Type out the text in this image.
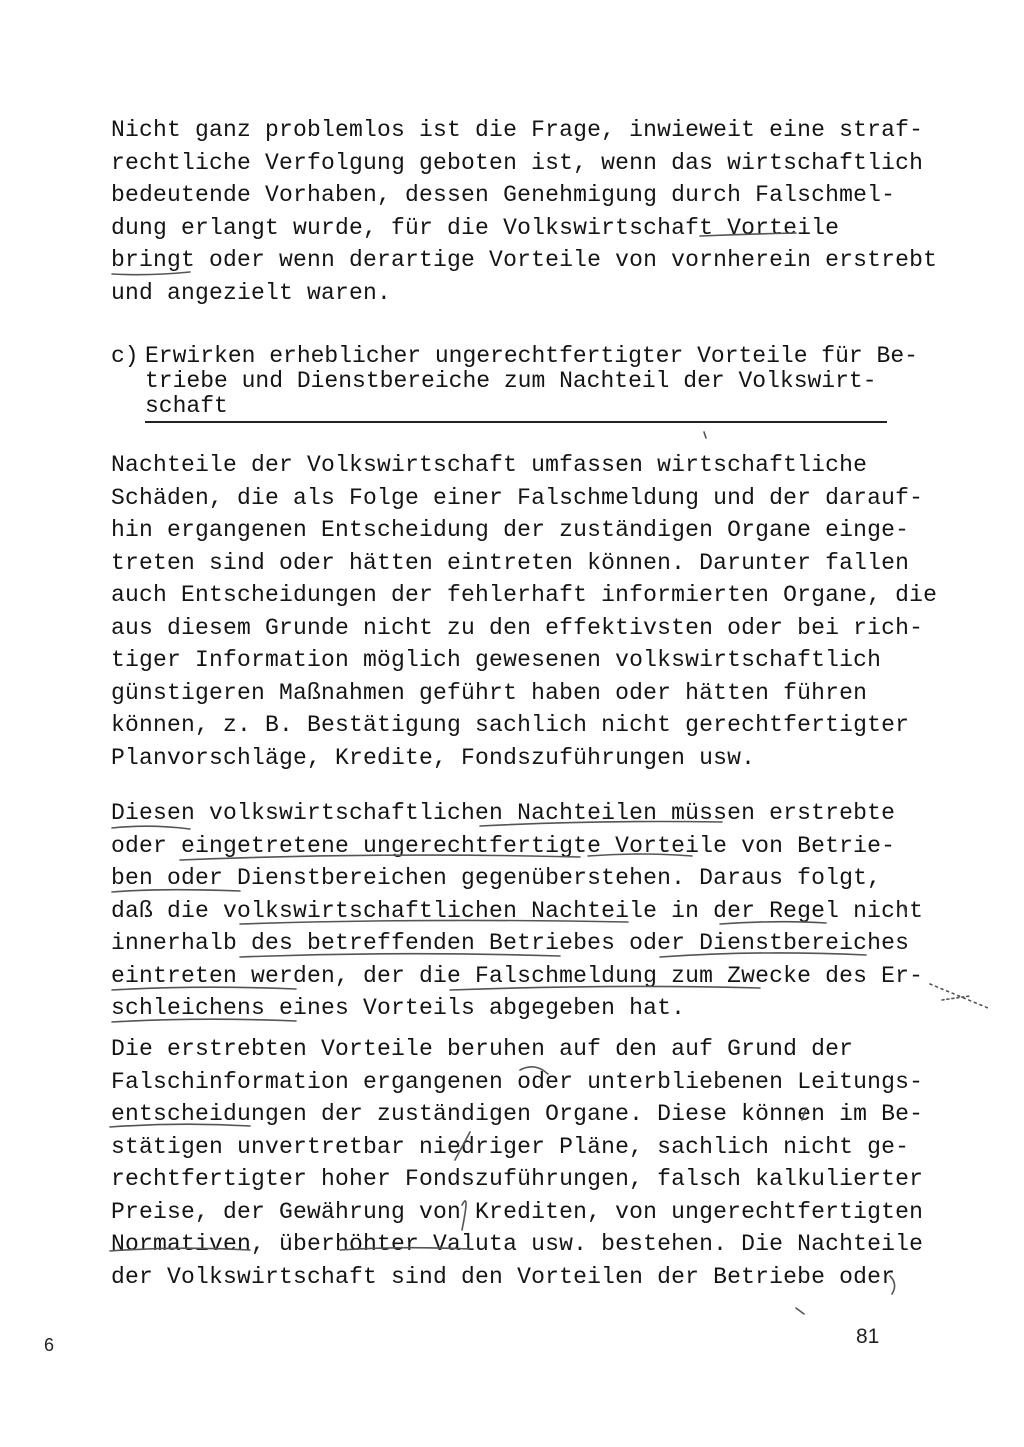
Nicht ganz problemlos ist die Frage, inwieweit eine straf-
rechtliche Verfolgung geboten ist, wenn das wirtschaftlich
bedeutende Vorhaben, dessen Genehmigung durch Falschmel-
dung erlangt wurde, für die Volkswirtschaft Vorteile
bringt oder wenn derartige Vorteile von vornherein erstrebt
und angezielt waren.
c) Erwirken erheblicher ungerechtfertigter Vorteile für Be-
triebe und Dienstbereiche zum Nachteil der Volkswirt-
schaft
Nachteile der Volkswirtschaft umfassen wirtschaftliche
Schäden, die als Folge einer Falschmeldung und der darauf-
hin ergangenen Entscheidung der zuständigen Organe einge-
treten sind oder hätten eintreten können. Darunter fallen
auch Entscheidungen der fehlerhaft informierten Organe, die
aus diesem Grunde nicht zu den effektivsten oder bei rich-
tiger Information möglich gewesenen volkswirtschaftlich
günstigeren Maßnahmen geführt haben oder hätten führen
können, z. B. Bestätigung sachlich nicht gerechtfertigter
Planvorschläge, Kredite, Fondszuführungen usw.
Diesen volkswirtschaftlichen Nachteilen müssen erstrebte
oder eingetretene ungerechtfertigte Vorteile von Betrie-
ben oder Dienstbereichen gegenüberstehen. Daraus folgt,
daß die volkswirtschaftlichen Nachteile in der Regel nicht
innerhalb des betreffenden Betriebes oder Dienstbereiches
eintreten werden, der die Falschmeldung zum Zwecke des Er-
schleichens eines Vorteils abgegeben hat.
Die erstrebten Vorteile beruhen auf den auf Grund der
Falschinformation ergangenen oder unterbliebenen Leitungs-
entscheidungen der zuständigen Organe. Diese können im Be-
stätigen unvertretbar niedriger Pläne, sachlich nicht ge-
rechtfertigter hoher Fondszuführungen, falsch kalkulierter
Preise, der Gewährung von Krediten, von ungerechtfertigten
Normativen, überhöhter Valuta usw. bestehen. Die Nachteile
der Volkswirtschaft sind den Vorteilen der Betriebe oder
6	81
